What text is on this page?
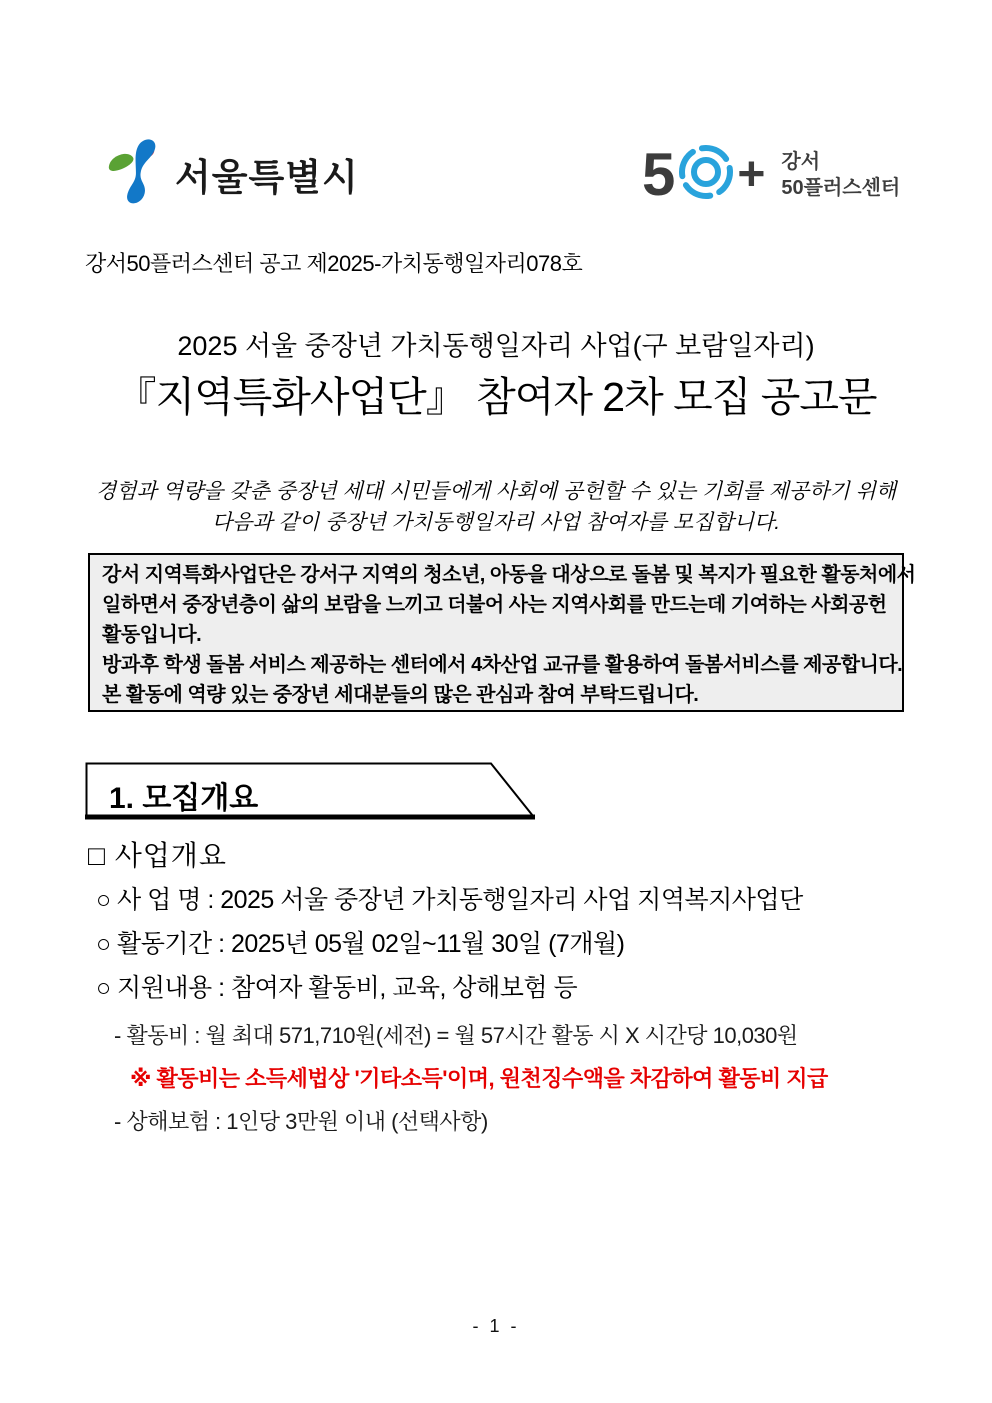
서울특별시	5 + 강서
50플러스센터
강서50플러스센터 공고 제2025-가치동행일자리078호
2025 서울 중장년 가치동행일자리 사업(구 보람일자리)
『지역특화사업단』 참여자 2차 모집 공고문
경험과 역량을 갖춘 중장년 세대 시민들에게 사회에 공헌할 수 있는 기회를 제공하기 위해
다음과 같이 중장년 가치동행일자리 사업 참여자를 모집합니다.
강서 지역특화사업단은 강서구 지역의 청소년, 아동을 대상으로 돌봄 및 복지가 필요한 활동처에서
일하면서 중장년층이 삶의 보람을 느끼고 더불어 사는 지역사회를 만드는데 기여하는 사회공헌
활동입니다.
방과후 학생 돌봄 서비스 제공하는 센터에서 4차산업 교규를 활용하여 돌봄서비스를 제공합니다.
본 활동에 역량 있는 중장년 세대분들의 많은 관심과 참여 부탁드립니다.
1. 모집개요
□ 사업개요
○ 사 업 명 : 2025 서울 중장년 가치동행일자리 사업 지역복지사업단
○ 활동기간 : 2025년 05월 02일~11월 30일 (7개월)
○ 지원내용 : 참여자 활동비, 교육, 상해보험 등
- 활동비 : 월 최대 571,710원(세전) = 월 57시간 활동 시 X 시간당 10,030원
※ 활동비는 소득세법상 '기타소득'이며, 원천징수액을 차감하여 활동비 지급
- 상해보험 : 1인당 3만원 이내 (선택사항)
- 1 -
